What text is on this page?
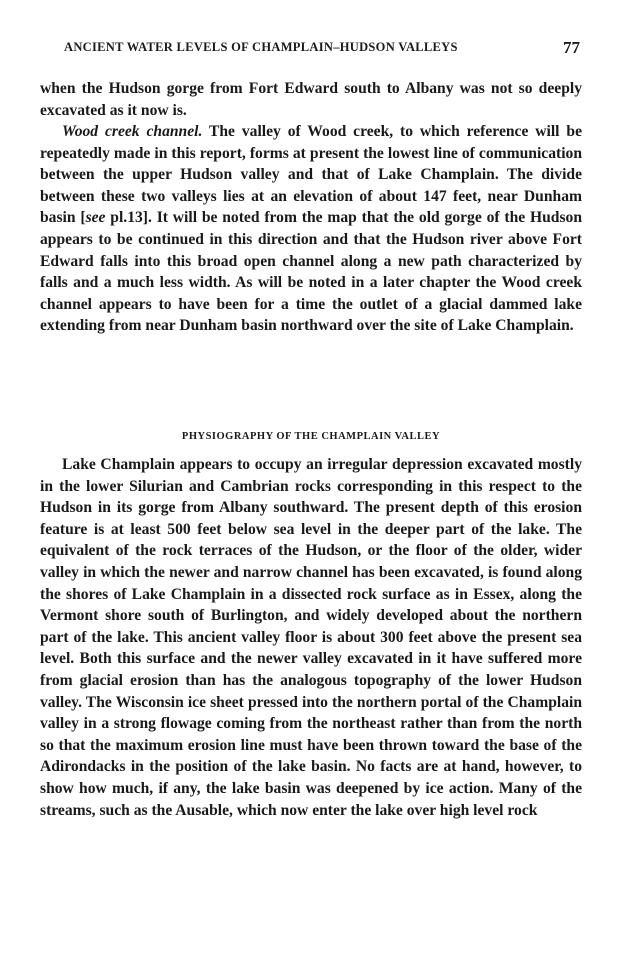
ANCIENT WATER LEVELS OF CHAMPLAIN–HUDSON VALLEYS	77

when the Hudson gorge from Fort Edward south to Albany was not so deeply excavated as it now is.

Wood creek channel. The valley of Wood creek, to which reference will be repeatedly made in this report, forms at present the lowest line of communication between the upper Hudson valley and that of Lake Champlain. The divide between these two valleys lies at an elevation of about 147 feet, near Dunham basin [see pl.13]. It will be noted from the map that the old gorge of the Hudson appears to be continued in this direction and that the Hudson river above Fort Edward falls into this broad open channel along a new path characterized by falls and a much less width. As will be noted in a later chapter the Wood creek channel appears to have been for a time the outlet of a glacial dammed lake extending from near Dunham basin northward over the site of Lake Champlain.

PHYSIOGRAPHY OF THE CHAMPLAIN VALLEY

Lake Champlain appears to occupy an irregular depression excavated mostly in the lower Silurian and Cambrian rocks corresponding in this respect to the Hudson in its gorge from Albany southward. The present depth of this erosion feature is at least 500 feet below sea level in the deeper part of the lake. The equivalent of the rock terraces of the Hudson, or the floor of the older, wider valley in which the newer and narrow channel has been excavated, is found along the shores of Lake Champlain in a dissected rock surface as in Essex, along the Vermont shore south of Burlington, and widely developed about the northern part of the lake. This ancient valley floor is about 300 feet above the present sea level. Both this surface and the newer valley excavated in it have suffered more from glacial erosion than has the analogous topography of the lower Hudson valley. The Wisconsin ice sheet pressed into the northern portal of the Champlain valley in a strong flowage coming from the northeast rather than from the north so that the maximum erosion line must have been thrown toward the base of the Adirondacks in the position of the lake basin. No facts are at hand, however, to show how much, if any, the lake basin was deepened by ice action. Many of the streams, such as the Ausable, which now enter the lake over high level rock
